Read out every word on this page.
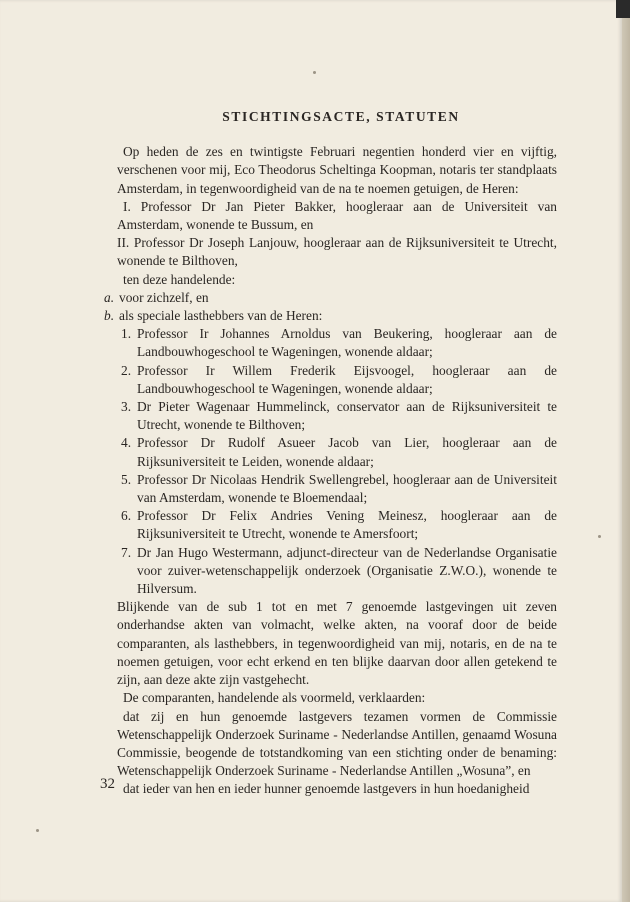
STICHTINGSACTE, STATUTEN

Op heden de zes en twintigste Februari negentien honderd vier en vijftig, verschenen voor mij, Eco Theodorus Scheltinga Koopman, notaris ter standplaats Amsterdam, in tegenwoordigheid van de na te noemen getuigen, de Heren:

I. Professor Dr Jan Pieter Bakker, hoogleraar aan de Universiteit van Amsterdam, wonende te Bussum, en

II. Professor Dr Joseph Lanjouw, hoogleraar aan de Rijksuniversiteit te Utrecht, wonende te Bilthoven,

ten deze handelende:

a. voor zichzelf, en
b. als speciale lasthebbers van de Heren:
1. Professor Ir Johannes Arnoldus van Beukering, hoogleraar aan de Landbouwhogeschool te Wageningen, wonende aldaar;
2. Professor Ir Willem Frederik Eijsvoogel, hoogleraar aan de Landbouwhogeschool te Wageningen, wonende aldaar;
3. Dr Pieter Wagenaar Hummelinck, conservator aan de Rijksuniversiteit te Utrecht, wonende te Bilthoven;
4. Professor Dr Rudolf Asueer Jacob van Lier, hoogleraar aan de Rijksuniversiteit te Leiden, wonende aldaar;
5. Professor Dr Nicolaas Hendrik Swellengrebel, hoogleraar aan de Universiteit van Amsterdam, wonende te Bloemendaal;
6. Professor Dr Felix Andries Vening Meinesz, hoogleraar aan de Rijksuniversiteit te Utrecht, wonende te Amersfoort;
7. Dr Jan Hugo Westermann, adjunct-directeur van de Nederlandse Organisatie voor zuiver-wetenschappelijk onderzoek (Organisatie Z.W.O.), wonende te Hilversum.

Blijkende van de sub 1 tot en met 7 genoemde lastgevingen uit zeven onderhandse akten van volmacht, welke akten, na vooraf door de beide comparanten, als lasthebbers, in tegenwoordigheid van mij, notaris, en de na te noemen getuigen, voor echt erkend en ten blijke daarvan door allen getekend te zijn, aan deze akte zijn vastgehecht.

De comparanten, handelende als voormeld, verklaarden:

dat zij en hun genoemde lastgevers tezamen vormen de Commissie Wetenschappelijk Onderzoek Suriname - Nederlandse Antillen, genaamd Wosuna Commissie, beogende de totstandkoming van een stichting onder de benaming: Wetenschappelijk Onderzoek Suriname - Nederlandse Antillen „Wosuna”, en

dat ieder van hen en ieder hunner genoemde lastgevers in hun hoedanigheid

32
